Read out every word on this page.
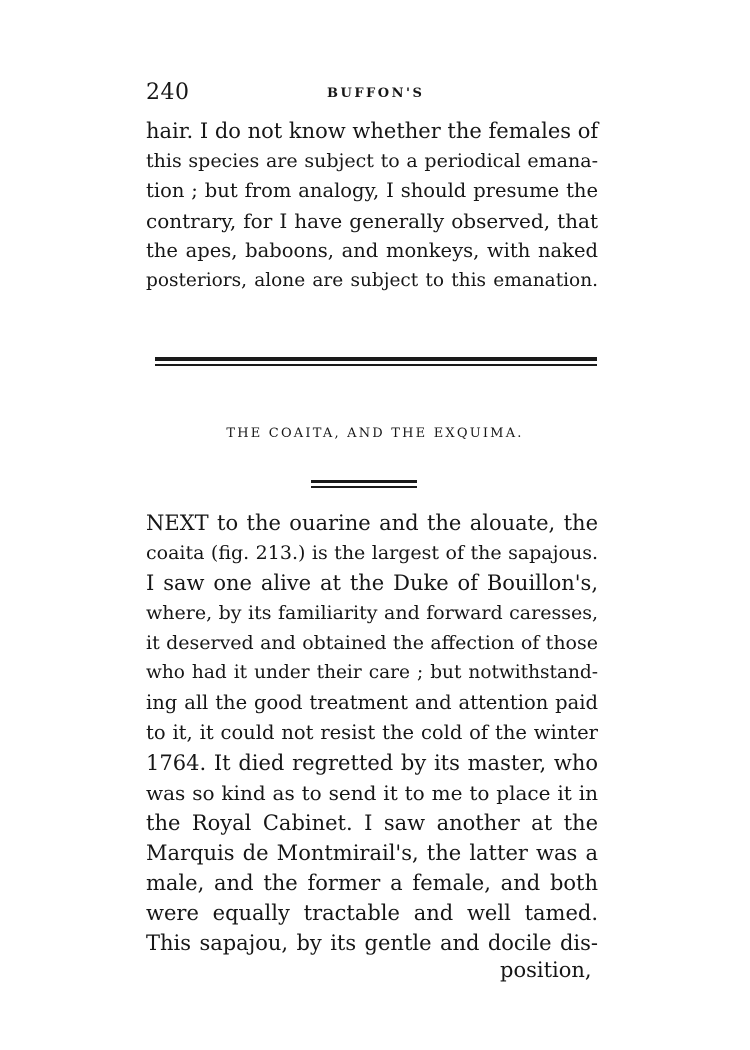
240	BUFFON'S
hair. I do not know whether the females of
this species are subject to a periodical emana-
tion ; but from analogy, I should presume the
contrary, for I have generally observed, that
the apes, baboons, and monkeys, with naked
posteriors, alone are subject to this emanation.
THE COAITA, AND THE EXQUIMA.
NEXT to the ouarine and the alouate, the
coaita (fig. 213.) is the largest of the sapajous.
I saw one alive at the Duke of Bouillon's,
where, by its familiarity and forward caresses,
it deserved and obtained the affection of those
who had it under their care ; but notwithstand-
ing all the good treatment and attention paid
to it, it could not resist the cold of the winter
1764. It died regretted by its master, who
was so kind as to send it to me to place it in
the Royal Cabinet. I saw another at the
Marquis de Montmirail's, the latter was a
male, and the former a female, and both
were equally tractable and well tamed.
This sapajou, by its gentle and docile dis-
position,
